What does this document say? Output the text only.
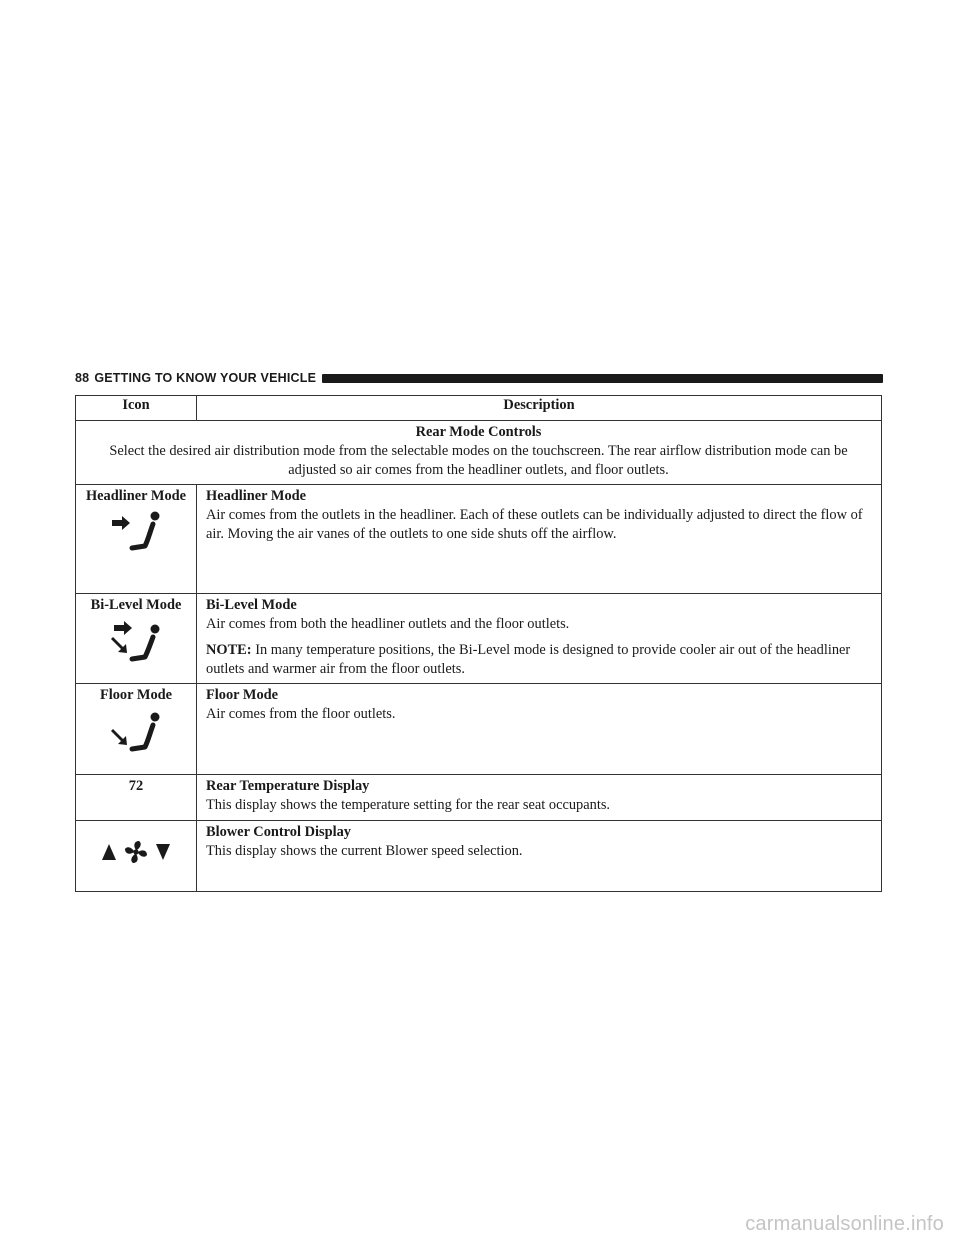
88 GETTING TO KNOW YOUR VEHICLE
Icon	Description

Rear Mode Controls
Select the desired air distribution mode from the selectable modes on the touchscreen. The rear airflow distribution mode can be adjusted so air comes from the headliner outlets, and floor outlets.	

Headliner Mode	Headliner Mode
Air comes from the outlets in the headliner. Each of these outlets can be individually adjusted to direct the flow of air. Moving the air vanes of the outlets to one side shuts off the airflow.

Bi-Level Mode	Bi-Level Mode
Air comes from both the headliner outlets and the floor outlets.
NOTE: In many temperature positions, the Bi-Level mode is designed to provide cooler air out of the headliner outlets and warmer air from the floor outlets.

Floor Mode	Floor Mode
Air comes from the floor outlets.

72	Rear Temperature Display
This display shows the temperature setting for the rear seat occupants.

Blower Control Display
This display shows the current Blower speed selection.
carmanualsonline.info
